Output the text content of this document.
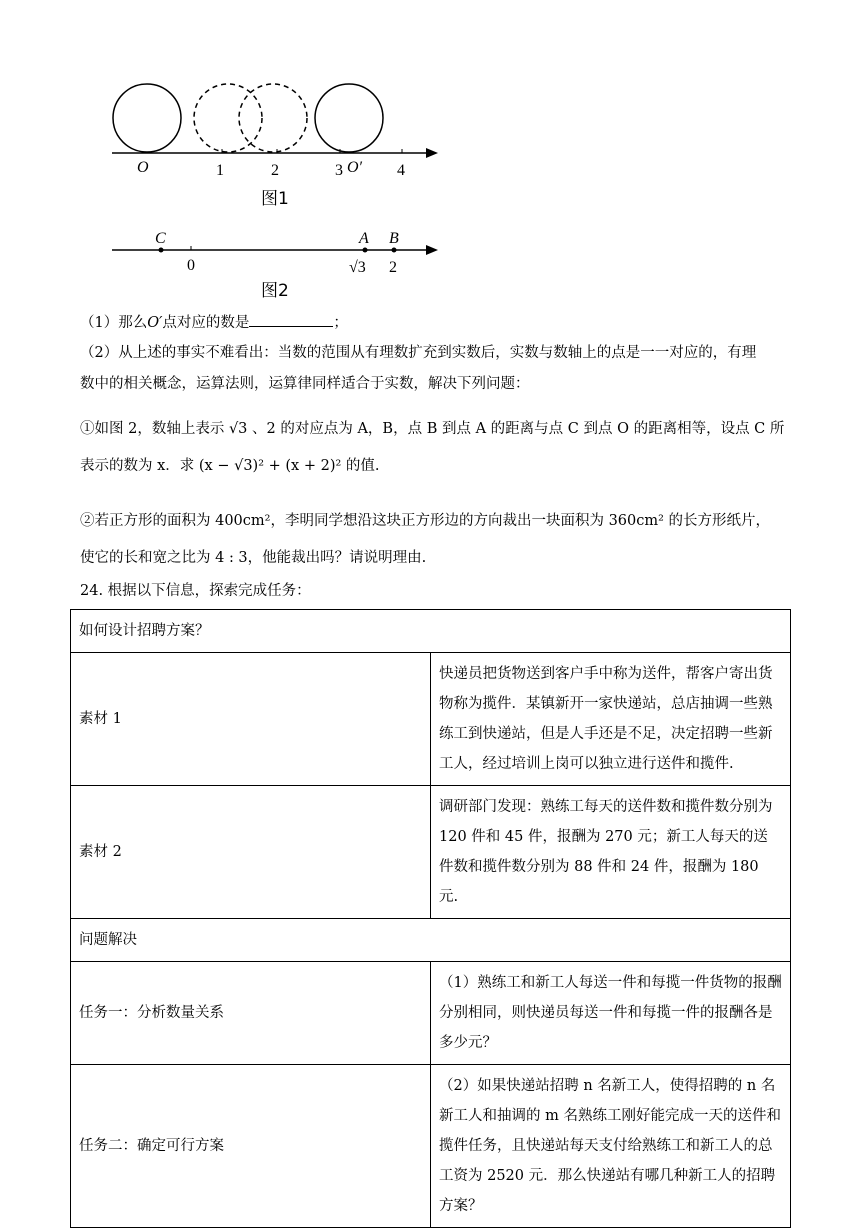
O	1	2	3 O′ 4
图1
C	A B
0	√3 2
图2
（1）那么O′点对应的数是	；
（2）从上述的事实不难看出：当数的范围从有理数扩充到实数后，实数与数轴上的点是一一对应的，有理
数中的相关概念，运算法则，运算律同样适合于实数，解决下列问题：
①如图 2，数轴上表示 √3 、2 的对应点为 A，B，点 B 到点 A 的距离与点 C 到点 O 的距离相等，设点 C 所
表示的数为 x．求 (x − √3)² + (x + 2)² 的值.
②若正方形的面积为 400cm²，李明同学想沿这块正方形边的方向裁出一块面积为 360cm² 的长方形纸片，
使它的长和宽之比为 4 : 3，他能裁出吗？请说明理由.
24. 根据以下信息，探索完成任务：
如何设计招聘方案？	
素材 1	快递员把货物送到客户手中称为送件，帮客户寄出货物称为揽件．某镇新开一家快递站，总店抽调一些熟练工到快递站，但是人手还是不足，决定招聘一些新工人，经过培训上岗可以独立进行送件和揽件.
素材 2	调研部门发现：熟练工每天的送件数和揽件数分别为 120 件和 45 件，报酬为 270 元；新工人每天的送件数和揽件数分别为 88 件和 24 件，报酬为 180 元.
问题解决	
任务一：分析数量关系	（1）熟练工和新工人每送一件和每揽一件货物的报酬分别相同，则快递员每送一件和每揽一件的报酬各是多少元？
任务二：确定可行方案	（2）如果快递站招聘 n 名新工人，使得招聘的 n 名新工人和抽调的 m 名熟练工刚好能完成一天的送件和揽件任务，且快递站每天支付给熟练工和新工人的总工资为 2520 元．那么快递站有哪几种新工人的招聘方案？
